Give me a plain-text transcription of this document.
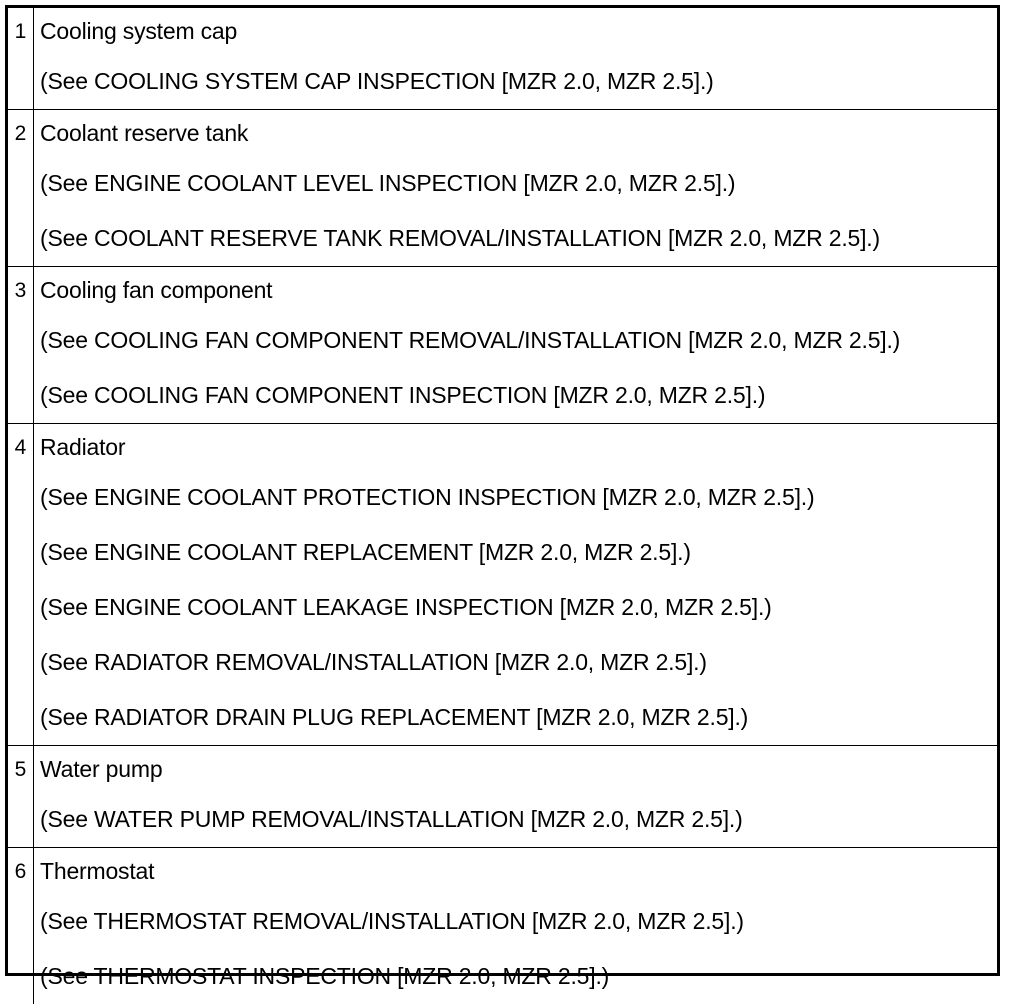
1 Cooling system cap
(See COOLING SYSTEM CAP INSPECTION [MZR 2.0, MZR 2.5].)
2 Coolant reserve tank
(See ENGINE COOLANT LEVEL INSPECTION [MZR 2.0, MZR 2.5].)
(See COOLANT RESERVE TANK REMOVAL/INSTALLATION [MZR 2.0, MZR 2.5].)
3 Cooling fan component
(See COOLING FAN COMPONENT REMOVAL/INSTALLATION [MZR 2.0, MZR 2.5].)
(See COOLING FAN COMPONENT INSPECTION [MZR 2.0, MZR 2.5].)
4 Radiator
(See ENGINE COOLANT PROTECTION INSPECTION [MZR 2.0, MZR 2.5].)
(See ENGINE COOLANT REPLACEMENT [MZR 2.0, MZR 2.5].)
(See ENGINE COOLANT LEAKAGE INSPECTION [MZR 2.0, MZR 2.5].)
(See RADIATOR REMOVAL/INSTALLATION [MZR 2.0, MZR 2.5].)
(See RADIATOR DRAIN PLUG REPLACEMENT [MZR 2.0, MZR 2.5].)
5 Water pump
(See WATER PUMP REMOVAL/INSTALLATION [MZR 2.0, MZR 2.5].)
6 Thermostat
(See THERMOSTAT REMOVAL/INSTALLATION [MZR 2.0, MZR 2.5].)
(See THERMOSTAT INSPECTION [MZR 2.0, MZR 2.5].)
